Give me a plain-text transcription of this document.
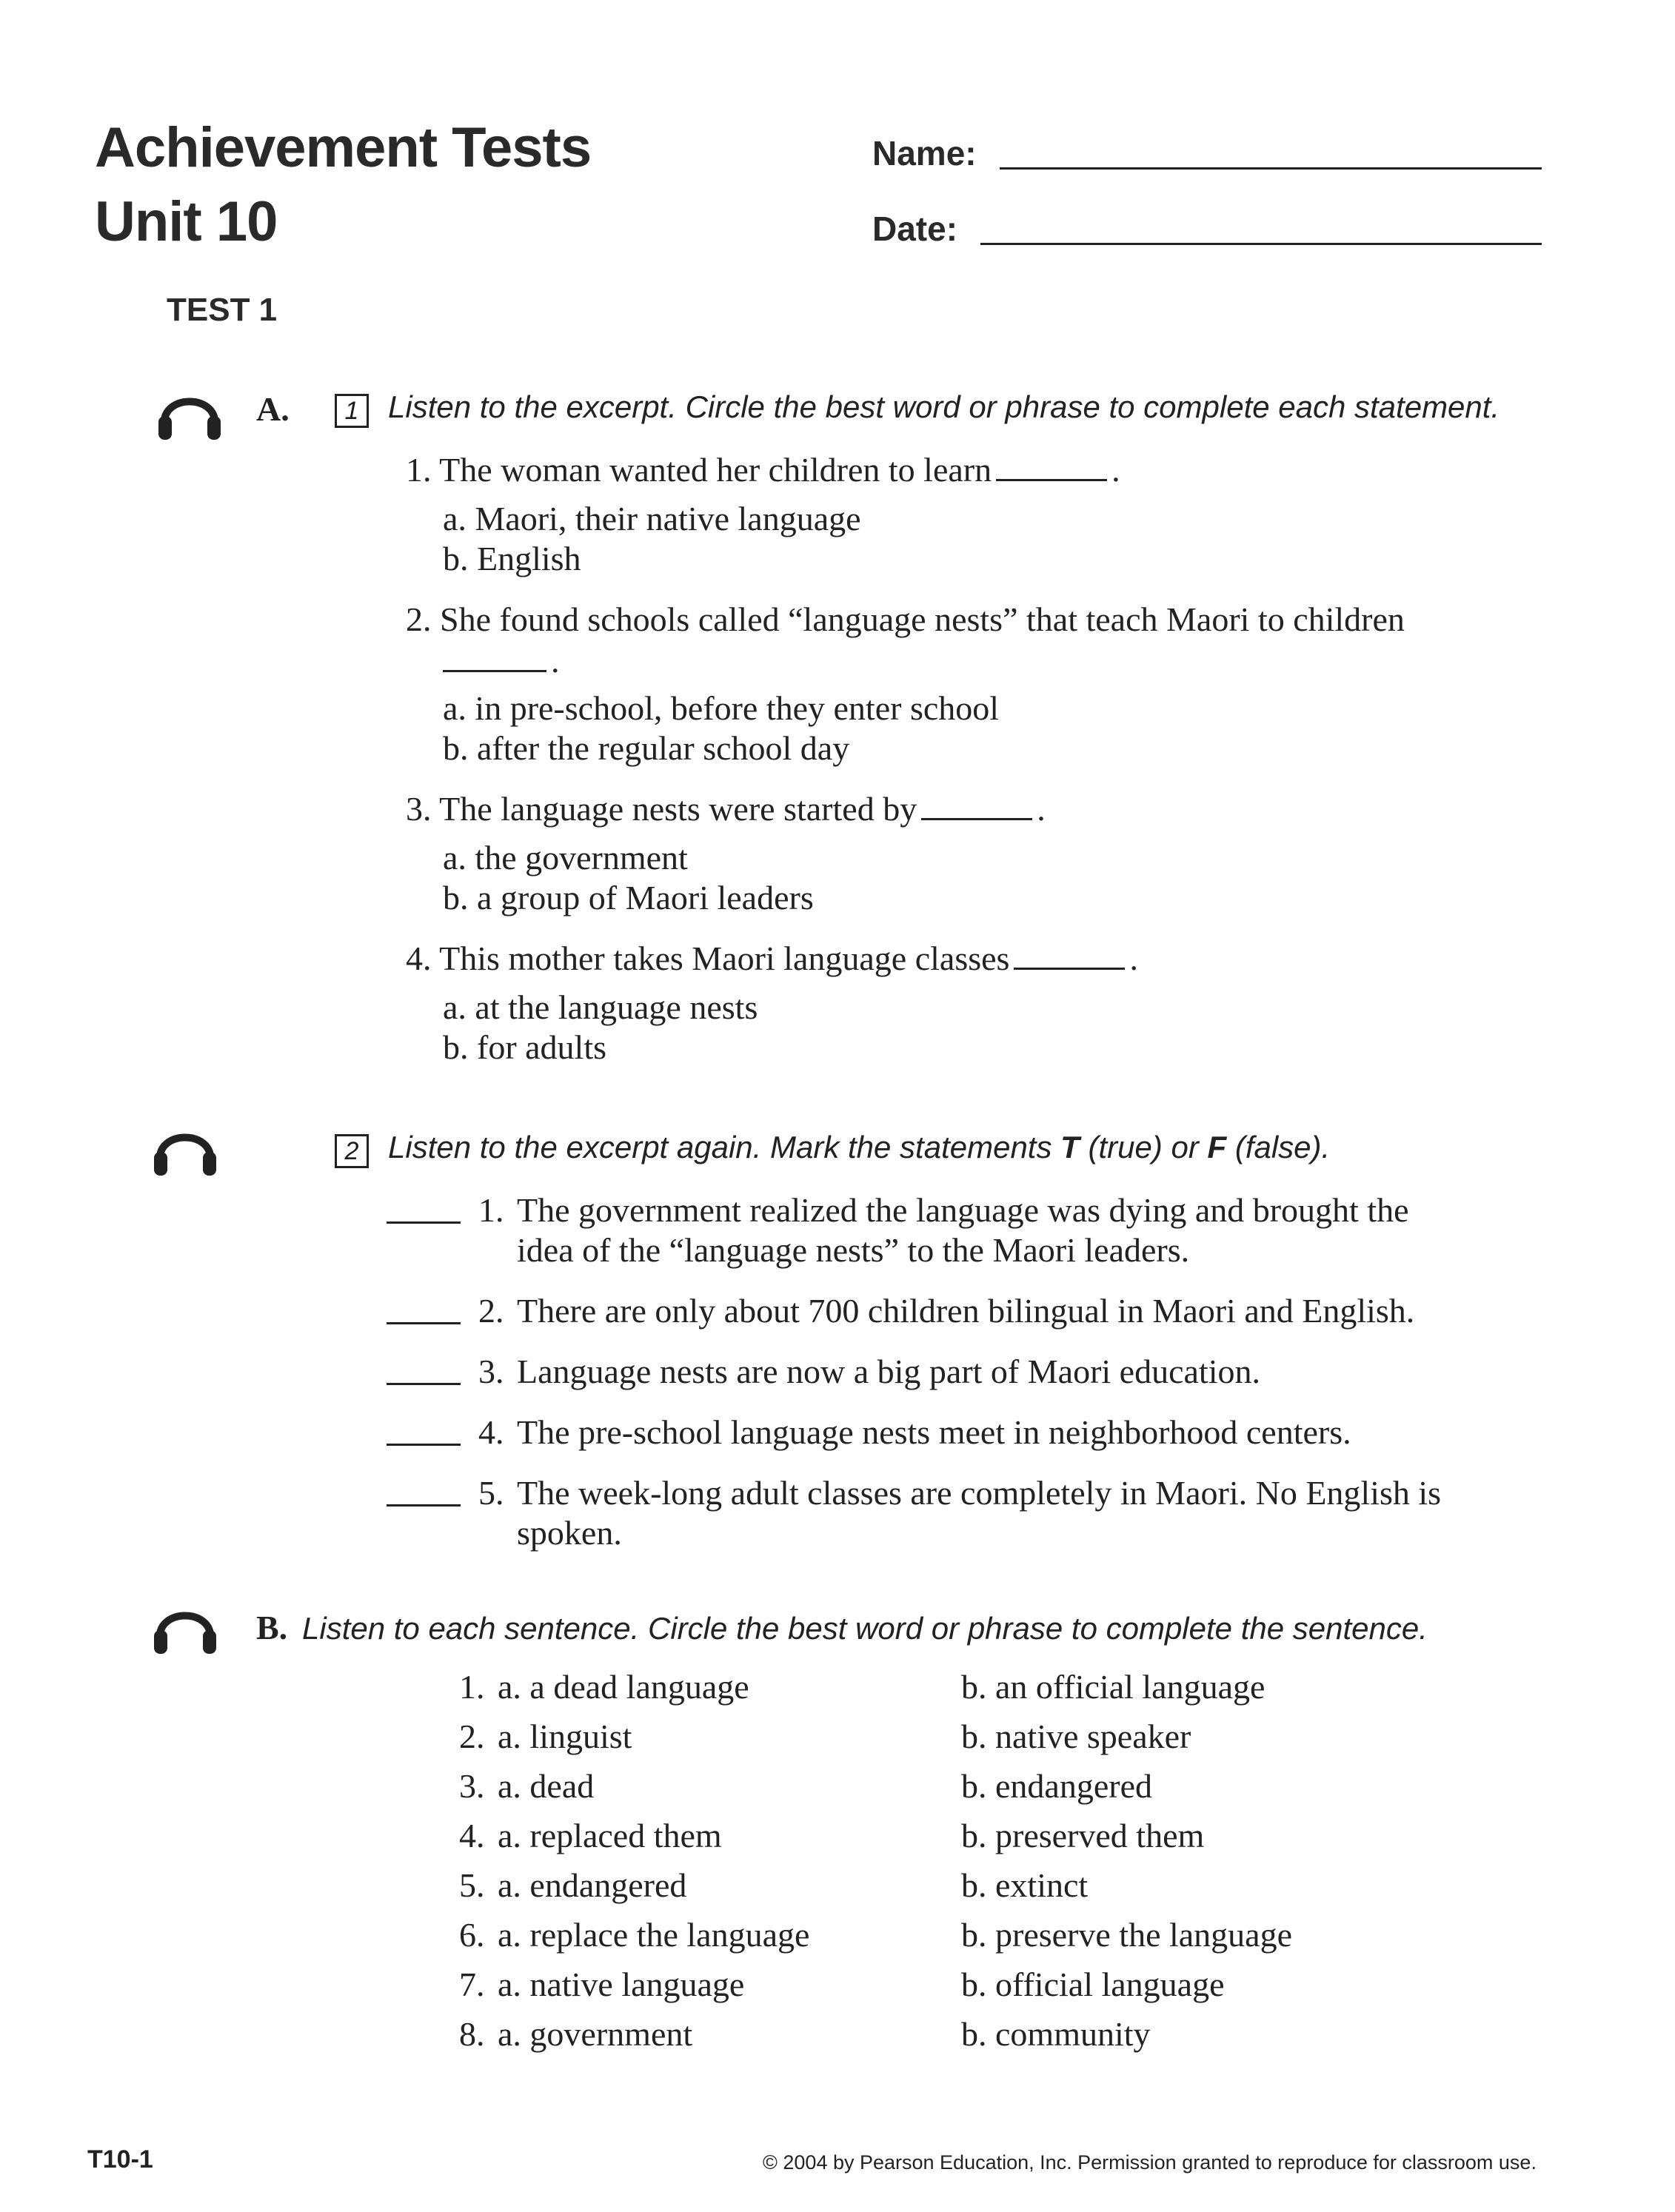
Achievement Tests
Unit 10
Name:
Date:
TEST 1
A.	1 Listen to the excerpt. Circle the best word or phrase to complete each statement.
1. The woman wanted her children to learn	.
a. Maori, their native language
b. English
2. She found schools called “language nests” that teach Maori to children
.
a. in pre-school, before they enter school
b. after the regular school day
3. The language nests were started by	.
a. the government
b. a group of Maori leaders
4. This mother takes Maori language classes	.
a. at the language nests
b. for adults
2 Listen to the excerpt again. Mark the statements T (true) or F (false).
1. The government realized the language was dying and brought the
idea of the “language nests” to the Maori leaders.
2. There are only about 700 children bilingual in Maori and English.
3. Language nests are now a big part of Maori education.
4. The pre-school language nests meet in neighborhood centers.
5. The week-long adult classes are completely in Maori. No English is
spoken.
B. Listen to each sentence. Circle the best word or phrase to complete the sentence.
1. a. a dead language	b. an official language
2. a. linguist	b. native speaker
3. a. dead	b. endangered
4. a. replaced them	b. preserved them
5. a. endangered	b. extinct
6. a. replace the language	b. preserve the language
7. a. native language	b. official language
8. a. government	b. community
T10-1	© 2004 by Pearson Education, Inc. Permission granted to reproduce for classroom use.
